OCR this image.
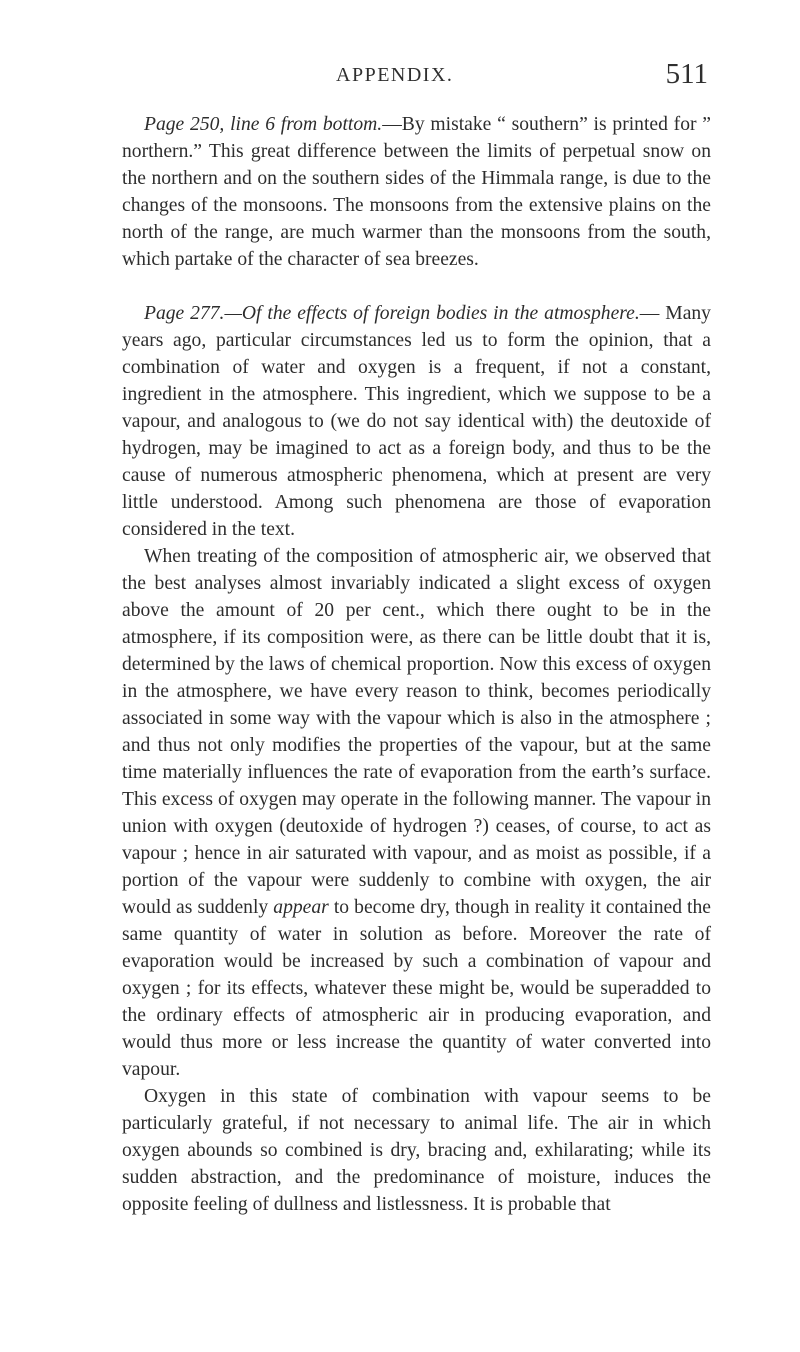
APPENDIX.	511

Page 250, line 6 from bottom.—By mistake “ southern” is printed for ” northern.” This great difference between the limits of perpetual snow on the northern and on the southern sides of the Himmala range, is due to the changes of the monsoons. The monsoons from the extensive plains on the north of the range, are much warmer than the monsoons from the south, which partake of the character of sea breezes.

Page 277.—Of the effects of foreign bodies in the atmosphere.— Many years ago, particular circumstances led us to form the opinion, that a combination of water and oxygen is a frequent, if not a constant, ingredient in the atmosphere. This ingredient, which we suppose to be a vapour, and analogous to (we do not say identical with) the deutoxide of hydrogen, may be imagined to act as a foreign body, and thus to be the cause of numerous atmospheric phenomena, which at present are very little understood. Among such phenomena are those of evaporation considered in the text.

When treating of the composition of atmospheric air, we observed that the best analyses almost invariably indicated a slight excess of oxygen above the amount of 20 per cent., which there ought to be in the atmosphere, if its composition were, as there can be little doubt that it is, determined by the laws of chemical proportion. Now this excess of oxygen in the atmosphere, we have every reason to think, becomes periodically associated in some way with the vapour which is also in the atmosphere ; and thus not only modifies the properties of the vapour, but at the same time materially influences the rate of evaporation from the earth’s surface. This excess of oxygen may operate in the following manner. The vapour in union with oxygen (deutoxide of hydrogen ?) ceases, of course, to act as vapour ; hence in air saturated with vapour, and as moist as possible, if a portion of the vapour were suddenly to combine with oxygen, the air would as suddenly appear to become dry, though in reality it contained the same quantity of water in solution as before. Moreover the rate of evaporation would be increased by such a combination of vapour and oxygen ; for its effects, whatever these might be, would be superadded to the ordinary effects of atmospheric air in producing evaporation, and would thus more or less increase the quantity of water converted into vapour.

Oxygen in this state of combination with vapour seems to be particularly grateful, if not necessary to animal life. The air in which oxygen abounds so combined is dry, bracing and, exhilarating; while its sudden abstraction, and the predominance of moisture, induces the opposite feeling of dullness and listlessness. It is probable that
